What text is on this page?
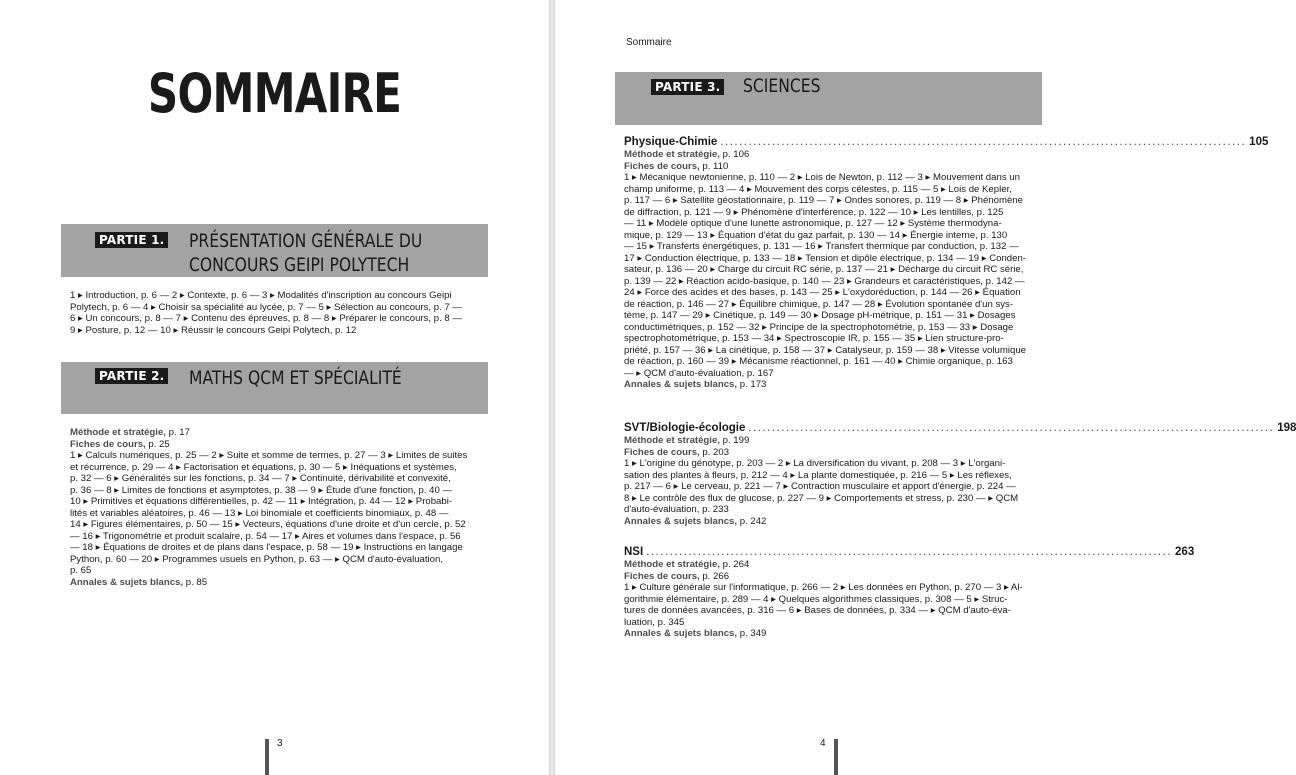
SOMMAIRE
PARTIE 1. PRÉSENTATION GÉNÉRALE DU
CONCOURS GEIPI POLYTECH
1 ▸ Introduction, p. 6 — 2 ▸ Contexte, p. 6 — 3 ▸ Modalités d'inscription au concours Geipi
Polytech, p. 6 — 4 ▸ Choisir sa spécialité au lycée, p. 7 — 5 ▸ Sélection au concours, p. 7 —
6 ▸ Un concours, p. 8 — 7 ▸ Contenu des épreuves, p. 8 — 8 ▸ Préparer le concours, p. 8 —
9 ▸ Posture, p. 12 — 10 ▸ Réussir le concours Geipi Polytech, p. 12
PARTIE 2. MATHS QCM ET SPÉCIALITÉ
Méthode et stratégie, p. 17
Fiches de cours, p. 25
1 ▸ Calculs numériques, p. 25 — 2 ▸ Suite et somme de termes, p. 27 — 3 ▸ Limites de suites
et récurrence, p. 29 — 4 ▸ Factorisation et équations, p. 30 — 5 ▸ Inéquations et systèmes,
p. 32 — 6 ▸ Généralités sur les fonctions, p. 34 — 7 ▸ Continuité, dérivabilité et convexité,
p. 36 — 8 ▸ Limites de fonctions et asymptotes, p. 38 — 9 ▸ Étude d'une fonction, p. 40 —
10 ▸ Primitives et équations différentielles, p. 42 — 11 ▸ Intégration, p. 44 — 12 ▸ Probabi-
lités et variables aléatoires, p. 46 — 13 ▸ Loi binomiale et coefficients binomiaux, p. 48 —
14 ▸ Figures élémentaires, p. 50 — 15 ▸ Vecteurs, équations d'une droite et d'un cercle, p. 52
— 16 ▸ Trigonométrie et produit scalaire, p. 54 — 17 ▸ Aires et volumes dans l'espace, p. 56
— 18 ▸ Équations de droites et de plans dans l'espace, p. 58 — 19 ▸ Instructions en langage
Python, p. 60 — 20 ▸ Programmes usuels en Python, p. 63 — ▸ QCM d'auto-évaluation,
p. 65
Annales & sujets blancs, p. 85
3
Sommaire
PARTIE 3. SCIENCES
Physique-Chimie ................................................................................................................ 105
Méthode et stratégie, p. 106
Fiches de cours, p. 110
1 ▸ Mécanique newtonienne, p. 110 — 2 ▸ Lois de Newton, p. 112 — 3 ▸ Mouvement dans un
champ uniforme, p. 113 — 4 ▸ Mouvement des corps célestes, p. 115 — 5 ▸ Lois de Kepler,
p. 117 — 6 ▸ Satellite géostationnaire, p. 119 — 7 ▸ Ondes sonores, p. 119 — 8 ▸ Phénomène
de diffraction, p. 121 — 9 ▸ Phénomène d'interférence, p. 122 — 10 ▸ Les lentilles, p. 125
— 11 ▸ Modèle optique d'une lunette astronomique, p. 127 — 12 ▸ Système thermodyna-
mique, p. 129 — 13 ▸ Équation d'état du gaz parfait, p. 130 — 14 ▸ Énergie interne, p. 130
— 15 ▸ Transferts énergétiques, p. 131 — 16 ▸ Transfert thermique par conduction, p. 132 —
17 ▸ Conduction électrique, p. 133 — 18 ▸ Tension et dipôle électrique, p. 134 — 19 ▸ Conden-
sateur, p. 136 — 20 ▸ Charge du circuit RC série, p. 137 — 21 ▸ Décharge du circuit RC série,
p. 139 — 22 ▸ Réaction acido-basique, p. 140 — 23 ▸ Grandeurs et caractéristiques, p. 142 —
24 ▸ Force des acides et des bases, p. 143 — 25 ▸ L'oxydoréduction, p. 144 — 26 ▸ Équation
de réaction, p. 146 — 27 ▸ Équilibre chimique, p. 147 — 28 ▸ Évolution spontanée d'un sys-
tème, p. 147 — 29 ▸ Cinétique, p. 149 — 30 ▸ Dosage pH-métrique, p. 151 — 31 ▸ Dosages
conductimétriques, p. 152 — 32 ▸ Principe de la spectrophotométrie, p. 153 — 33 ▸ Dosage
spectrophotométrique, p. 153 — 34 ▸ Spectroscopie IR, p. 155 — 35 ▸ Lien structure-pro-
priété, p. 157 — 36 ▸ La cinétique, p. 158 — 37 ▸ Catalyseur, p. 159 — 38 ▸ Vitesse volumique
de réaction, p. 160 — 39 ▸ Mécanisme réactionnel, p. 161 — 40 ▸ Chimie organique, p. 163
— ▸ QCM d'auto-évaluation, p. 167
Annales & sujets blancs, p. 173
SVT/Biologie-écologie ................................................................................................................ 198
Méthode et stratégie, p. 199
Fiches de cours, p. 203
1 ▸ L'origine du génotype, p. 203 — 2 ▸ La diversification du vivant, p. 208 — 3 ▸ L'organi-
sation des plantes à fleurs, p. 212 — 4 ▸ La plante domestiquée, p. 216 — 5 ▸ Les réflexes,
p. 217 — 6 ▸ Le cerveau, p. 221 — 7 ▸ Contraction musculaire et apport d'énergie, p. 224 —
8 ▸ Le contrôle des flux de glucose, p. 227 — 9 ▸ Comportements et stress, p. 230 — ▸ QCM
d'auto-évaluation, p. 233
Annales & sujets blancs, p. 242
NSI ................................................................................................................ 263
Méthode et stratégie, p. 264
Fiches de cours, p. 266
1 ▸ Culture générale sur l'informatique, p. 266 — 2 ▸ Les données en Python, p. 270 — 3 ▸ Al-
gorithmie élémentaire, p. 289 — 4 ▸ Quelques algorithmes classiques, p. 308 — 5 ▸ Struc-
tures de données avancées, p. 316 — 6 ▸ Bases de données, p. 334 — ▸ QCM d'auto-éva-
luation, p. 345
Annales & sujets blancs, p. 349
4
